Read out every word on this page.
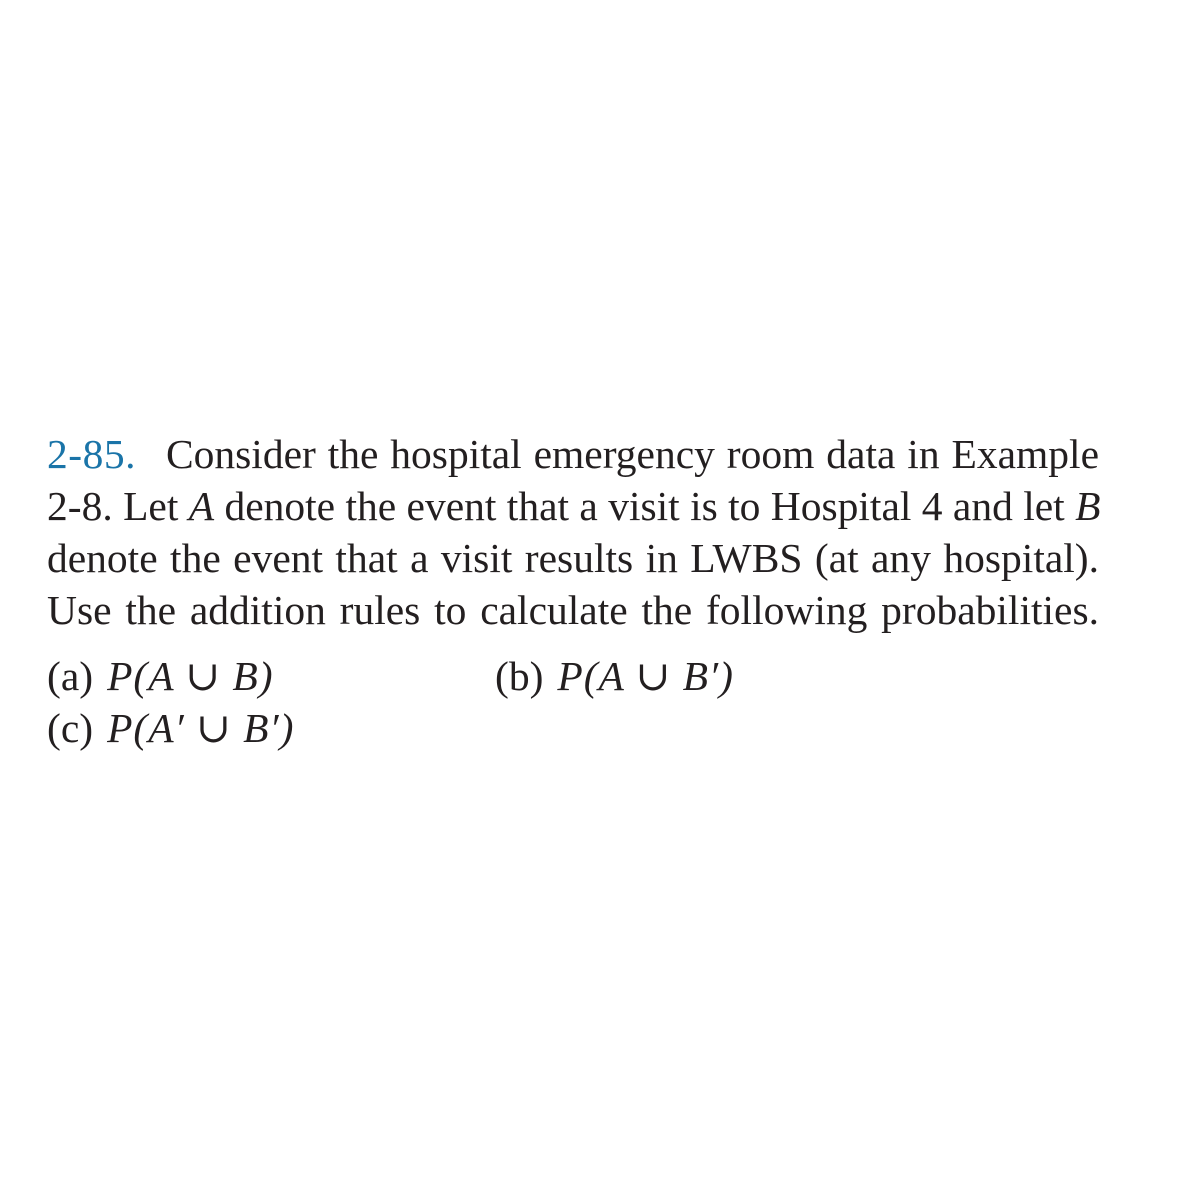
2-85. Consider the hospital emergency room data in Example
2-8. Let A denote the event that a visit is to Hospital 4 and let B
denote the event that a visit results in LWBS (at any hospital).
Use the addition rules to calculate the following probabilities.
(a) P(A ∪ B)	(b) P(A ∪ B′)
(c) P(A′ ∪ B′)
